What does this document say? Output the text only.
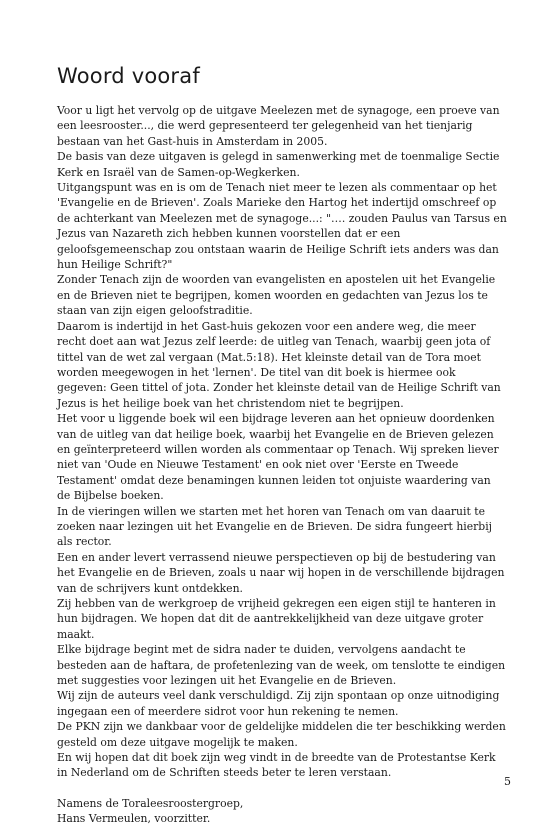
Woord vooraf

Voor u ligt het vervolg op de uitgave Meelezen met de synagoge, een proeve van een leesrooster..., die werd gepresenteerd ter gelegenheid van het tienjarig bestaan van het Gast-huis in Amsterdam in 2005.

De basis van deze uitgaven is gelegd in samenwerking met de toenmalige Sectie Kerk en Israël van de Samen-op-Wegkerken.

Uitgangspunt was en is om de Tenach niet meer te lezen als commentaar op het 'Evangelie en de Brieven'. Zoals Marieke den Hartog het indertijd omschreef op de achterkant van Meelezen met de synagoge...: "…. zouden Paulus van Tarsus en Jezus van Nazareth zich hebben kunnen voorstellen dat er een geloofsgemeenschap zou ontstaan waarin de Heilige Schrift iets anders was dan hun Heilige Schrift?"

Zonder Tenach zijn de woorden van evangelisten en apostelen uit het Evangelie en de Brieven niet te begrijpen, komen woorden en gedachten van Jezus los te staan van zijn eigen geloofstraditie.

Daarom is indertijd in het Gast-huis gekozen voor een andere weg, die meer recht doet aan wat Jezus zelf leerde: de uitleg van Tenach, waarbij geen jota of tittel van de wet zal vergaan (Mat.5:18). Het kleinste detail van de Tora moet worden meegewogen in het 'lernen'. De titel van dit boek is hiermee ook gegeven: Geen tittel of jota. Zonder het kleinste detail van de Heilige Schrift van Jezus is het heilige boek van het christendom niet te begrijpen.

Het voor u liggende boek wil een bijdrage leveren aan het opnieuw doordenken van de uitleg van dat heilige boek, waarbij het Evangelie en de Brieven gelezen en geïnterpreteerd willen worden als commentaar op Tenach. Wij spreken liever niet van 'Oude en Nieuwe Testament' en ook niet over 'Eerste en Tweede Testament' omdat deze benamingen kunnen leiden tot onjuiste waardering van de Bijbelse boeken.

In de vieringen willen we starten met het horen van Tenach om van daaruit te zoeken naar lezingen uit het Evangelie en de Brieven. De sidra fungeert hierbij als rector.

Een en ander levert verrassend nieuwe perspectieven op bij de bestudering van het Evangelie en de Brieven, zoals u naar wij hopen in de verschillende bijdragen van de schrijvers kunt ontdekken.

Zij hebben van de werkgroep de vrijheid gekregen een eigen stijl te hanteren in hun bijdragen. We hopen dat dit de aantrekkelijkheid van deze uitgave groter maakt.

Elke bijdrage begint met de sidra nader te duiden, vervolgens aandacht te besteden aan de haftara, de profetenlezing van de week, om tenslotte te eindigen met suggesties voor lezingen uit het Evangelie en de Brieven.

Wij zijn de auteurs veel dank verschuldigd. Zij zijn spontaan op onze uitnodiging ingegaan een of meerdere sidrot voor hun rekening te nemen.

De PKN zijn we dankbaar voor de geldelijke middelen die ter beschikking werden gesteld om deze uitgave mogelijk te maken.

En wij hopen dat dit boek zijn weg vindt in de breedte van de Protestantse Kerk in Nederland om de Schriften steeds beter te leren verstaan.

Namens de Toraleesroostergroep,

Hans Vermeulen, voorzitter.

5
